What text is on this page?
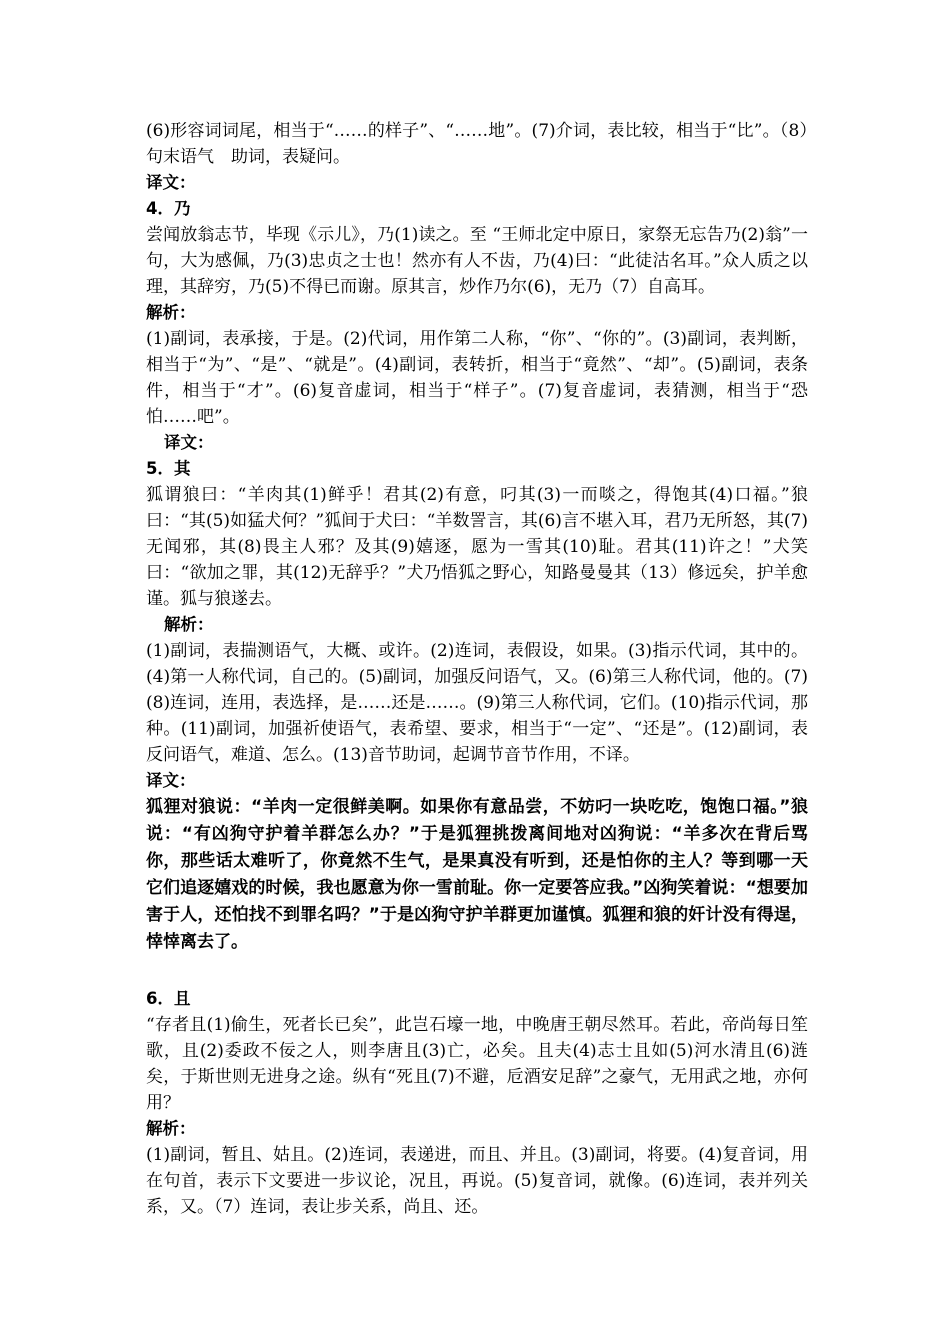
(6)形容词词尾，相当于“……的样子”、“……地”。(7)介词，表比较，相当于“比”。（8）句末语气　助词，表疑问。

译文：

4．乃

尝闻放翁志节，毕现《示儿》，乃(1)读之。至 “王师北定中原日，家祭无忘告乃(2)翁”一句，大为感佩，乃(3)忠贞之士也！然亦有人不齿，乃(4)曰：“此徒沽名耳。”众人质之以理，其辞穷，乃(5)不得已而谢。原其言，炒作乃尔(6)，无乃（7）自高耳。

解析：

(1)副词，表承接，于是。(2)代词，用作第二人称，“你”、“你的”。(3)副词，表判断，相当于“为”、“是”、“就是”。(4)副词，表转折，相当于“竟然”、“却”。(5)副词，表条件，相当于“才”。(6)复音虚词，相当于“样子”。(7)复音虚词，表猜测，相当于“恐怕……吧”。

译文：

5．其

狐谓狼曰：“羊肉其(1)鲜乎！君其(2)有意，叼其(3)一而啖之，得饱其(4)口福。”狼曰：“其(5)如猛犬何？”狐间于犬曰：“羊数詈言，其(6)言不堪入耳，君乃无所怒，其(7)无闻邪，其(8)畏主人邪？及其(9)嬉逐，愿为一雪其(10)耻。君其(11)许之！”犬笑曰：“欲加之罪，其(12)无辞乎？”犬乃悟狐之野心，知路曼曼其（13）修远矣，护羊愈谨。狐与狼遂去。

解析：

(1)副词，表揣测语气，大概、或许。(2)连词，表假设，如果。(3)指示代词，其中的。(4)第一人称代词，自己的。(5)副词，加强反问语气，又。(6)第三人称代词，他的。(7)(8)连词，连用，表选择，是……还是……。(9)第三人称代词，它们。(10)指示代词，那种。(11)副词，加强祈使语气，表希望、要求，相当于“一定”、“还是”。(12)副词，表反问语气，难道、怎么。(13)音节助词，起调节音节作用，不译。

译文：

狐狸对狼说：“羊肉一定很鲜美啊。如果你有意品尝，不妨叼一块吃吃，饱饱口福。”狼说：“有凶狗守护着羊群怎么办？”于是狐狸挑拨离间地对凶狗说：“羊多次在背后骂你，那些话太难听了，你竟然不生气，是果真没有听到，还是怕你的主人？等到哪一天它们追逐嬉戏的时候，我也愿意为你一雪前耻。你一定要答应我。”凶狗笑着说：“想要加害于人，还怕找不到罪名吗？”于是凶狗守护羊群更加谨慎。狐狸和狼的奸计没有得逞，悻悻离去了。

6．且

“存者且(1)偷生，死者长已矣”，此岂石壕一地，中晚唐王朝尽然耳。若此，帝尚每日笙歌，且(2)委政不佞之人，则李唐且(3)亡，必矣。且夫(4)志士且如(5)河水清且(6)涟矣，于斯世则无进身之途。纵有“死且(7)不避，卮酒安足辞”之豪气，无用武之地，亦何用？

解析：

(1)副词，暂且、姑且。(2)连词，表递进，而且、并且。(3)副词，将要。(4)复音词，用在句首，表示下文要进一步议论，况且，再说。(5)复音词，就像。(6)连词，表并列关系，又。（7）连词，表让步关系，尚且、还。
